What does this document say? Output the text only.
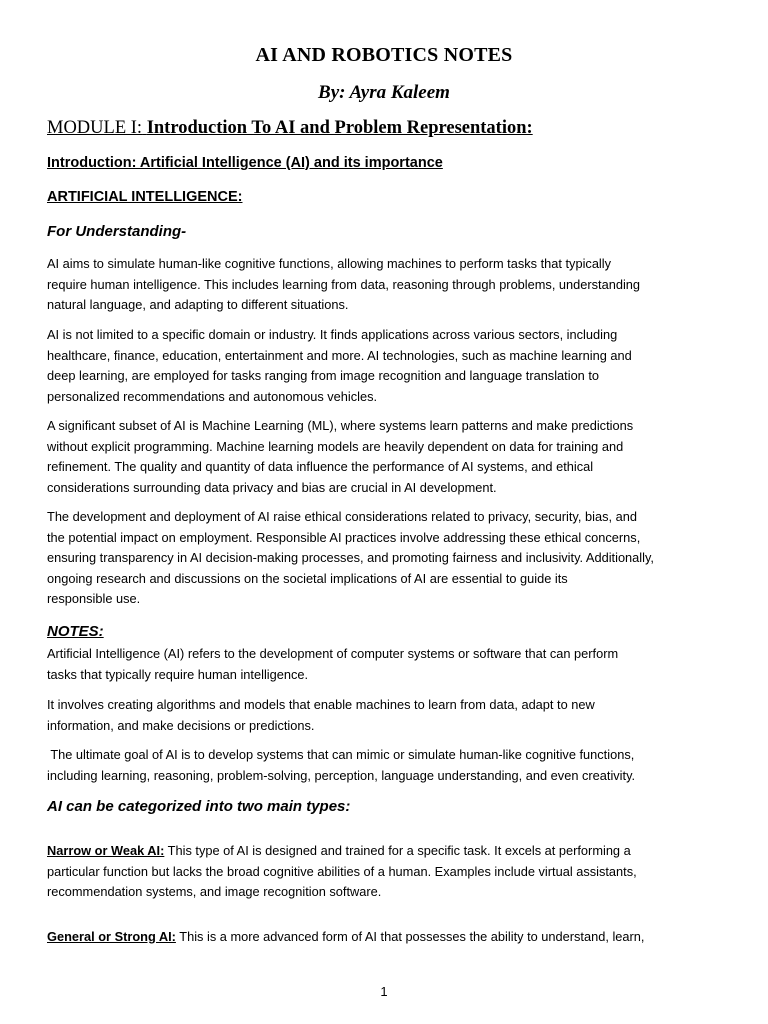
AI AND ROBOTICS NOTES
By: Ayra Kaleem
MODULE I: Introduction To AI and Problem Representation:
Introduction: Artificial Intelligence (AI) and its importance
ARTIFICIAL INTELLIGENCE:
For Understanding-
AI aims to simulate human-like cognitive functions, allowing machines to perform tasks that typically
require human intelligence. This includes learning from data, reasoning through problems, understanding
natural language, and adapting to different situations.
AI is not limited to a specific domain or industry. It finds applications across various sectors, including
healthcare, finance, education, entertainment and more. AI technologies, such as machine learning and
deep learning, are employed for tasks ranging from image recognition and language translation to
personalized recommendations and autonomous vehicles.
A significant subset of AI is Machine Learning (ML), where systems learn patterns and make predictions
without explicit programming. Machine learning models are heavily dependent on data for training and
refinement. The quality and quantity of data influence the performance of AI systems, and ethical
considerations surrounding data privacy and bias are crucial in AI development.
The development and deployment of AI raise ethical considerations related to privacy, security, bias, and
the potential impact on employment. Responsible AI practices involve addressing these ethical concerns,
ensuring transparency in AI decision-making processes, and promoting fairness and inclusivity. Additionally,
ongoing research and discussions on the societal implications of AI are essential to guide its
responsible use.
NOTES:
Artificial Intelligence (AI) refers to the development of computer systems or software that can perform
tasks that typically require human intelligence.
It involves creating algorithms and models that enable machines to learn from data, adapt to new
information, and make decisions or predictions.
The ultimate goal of AI is to develop systems that can mimic or simulate human-like cognitive functions,
including learning, reasoning, problem-solving, perception, language understanding, and even creativity.
AI can be categorized into two main types:
Narrow or Weak AI: This type of AI is designed and trained for a specific task. It excels at performing a
particular function but lacks the broad cognitive abilities of a human. Examples include virtual assistants,
recommendation systems, and image recognition software.
General or Strong AI: This is a more advanced form of AI that possesses the ability to understand, learn,
1
